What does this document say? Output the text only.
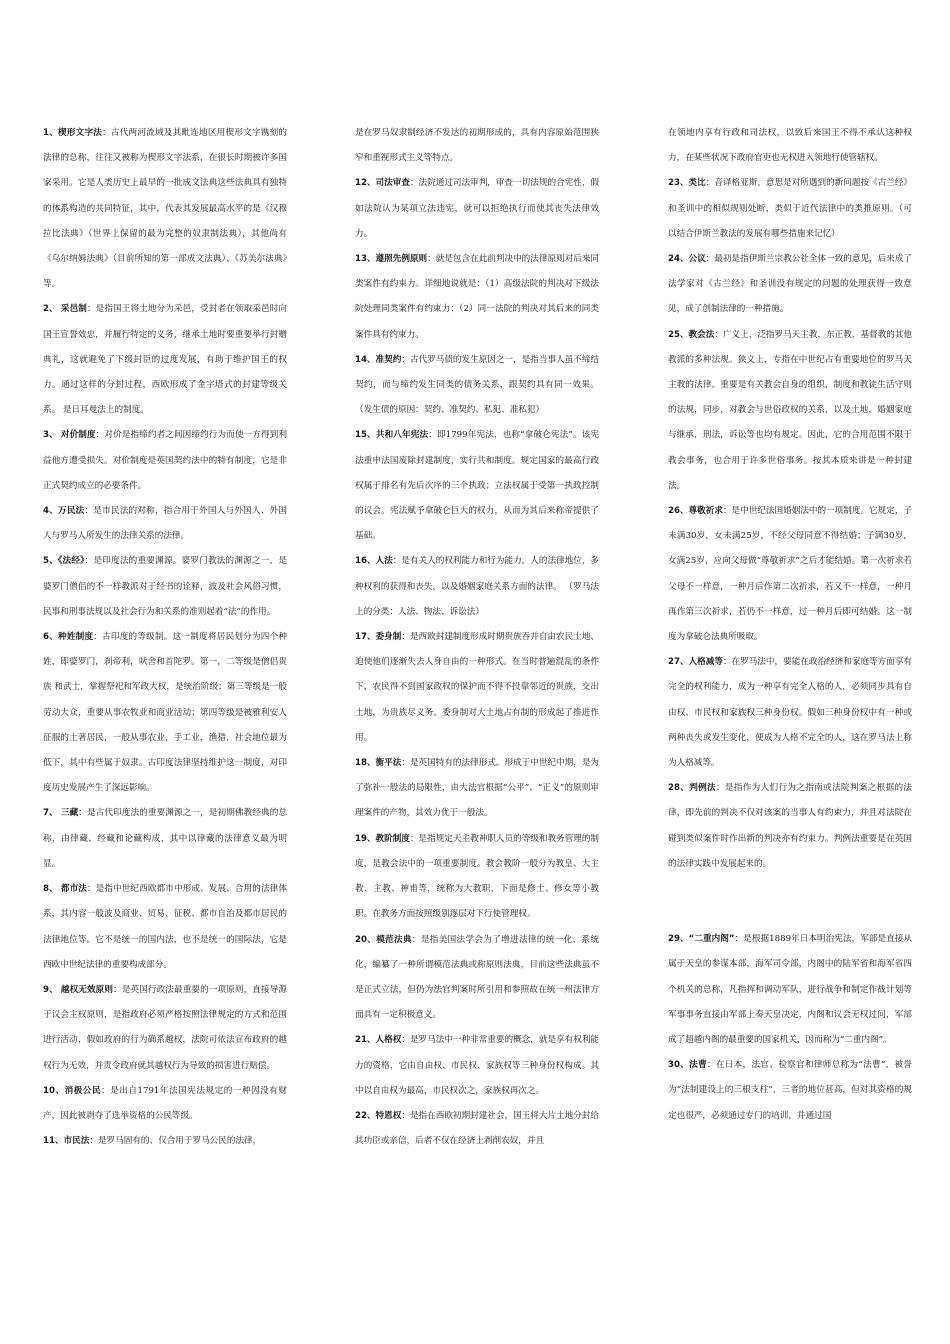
1、楔形文字法：古代两河流域及其毗连地区用楔形文字镌刻的法律的总称，往往又被称为楔形文字法系，在很长时期被许多国家采用。它是人类历史上最早的一批成文法典这些法典具有独特的体系构造的共同特征，其中，代表其发展最高水平的是《汉穆拉比法典》（世界上保留的最为完整的奴隶制法典），其他尚有《乌尔纳姆法典》（目前所知的第一部成文法典）、《苏美尔法典》等。

2、 采邑制：是指国王将土地分为采邑，受封者在领取采邑时向国王宣誓效忠，并履行特定的义务，继承土地时要重要举行封赠典礼，这就避免了下级封臣的过度发展，有助于维护国王的权力。通过这样的分封过程，西欧形成了金字塔式的封建等级关系。 是日耳曼法上的制度。

3、 对价制度：对价是指缔约者之间因缔约行为而使一方得到利益他方遭受损失。对价制度是英国契约法中的特有制度，它是非正式契约成立的必要条件。

4、万民法：是市民法的对称，指合用于外国人与外国人、外国人与罗马人所发生的法律关系的法律。

5、《法经》：是印度法的重要渊源。婆罗门教法的渊源之一，是婆罗门僧侣的不一样教派对于经书的诠释，波及社会风俗习惯，民事和刑事法规以及社会行为和关系的准则起着“法”的作用。

6、种姓制度：古印度的等级制。这一制度将居民划分为四个种姓，即婆罗门，刹帝利，吠舍和首陀罗。第一，二等级是僧侣贵族 和武士，掌握祭祀和军政大权，是统治阶级；第三等级是一般劳动大众，重要从事农牧业和商业活动；第四等级是被雅利安人征服的土著居民，一般从事农业，手工业，渔猎，社会地位最为低下，其中有些属于奴隶。古印度法律坚持维护这一制度，对印度历史发展产生了深远影响。

7、 三藏：是古代印度法的重要渊源之一，是初期佛教经典的总称，由律藏、经藏和论藏构成，其中以律藏的法律意义最为明显。

8、 都市法：是指中世纪西欧都市中形成、发展、合用的法律体系，其内容一般波及商业、贸易、征税、都市自治及都市居民的法律地位等。它不是统一的国内法，也不是统一的国际法，它是西欧中世纪法律的重要构成部分。

9、 越权无效原则：是英国行政法最重要的一项原则，直接导源于议会主权原则，是指政府必须严格按照法律规定的方式和范围进行活动，假如政府的行为确系越权，法院可依法宣布政府的越权行为无效，并责令政府就其越权行为导致的损害进行赔偿。

10、消极公民：是出自1791年法国宪法规定的一种因没有财产，因此被剥夺了选举资格的公民等级。

11、市民法：是罗马固有的、仅合用于罗马公民的法律，

是在罗马奴隶制经济不发达的初期形成的，具有内容原始范围狭窄和重视形式主义等特点。

12、司法审查：法院通过司法审判，审查一切法规的合宪性，假如法院认为某项立法违宪，就可以拒绝执行而使其丧失法律效力。

13、遵照先例原则：就是包含在此前判决中的法律原则对后来同类案件有约束力。详细地说就是：（1）高级法院的判决对下级法院处理同类案件有约束力；（2）同一法院的判决对其后来的同类案件具有约束力。

14、准契约：古代罗马债的发生原因之一，是指当事人虽不缔结契约，而与缔约发生同类的债务关系，跟契约具有同一效果。 （发生债的原因：契约、准契约、私犯、准私犯）

15、共和八年宪法：即1799年宪法，也称“拿破仑宪法”。该宪法重申法国废除封建制度，实行共和制度。规定国家的最高行政权属于排名有先后次序的三个执政；立法权属于受第一执政控制的议会。宪法赋予拿破仑巨大的权力，从而为其后来称帝提供了基础。

16、人法：是有关人的权利能力和行为能力，人的法律地位，多种权利的获得和丧失，以及婚姻家庭关系方面的法律。 （罗马法上的分类：人法、物法、诉讼法）

17、委身制：是西欧封建制度形成时期贵族吞并自由农民土地、迫使他们逐渐失去人身自由的一种形式。在当时普遍混乱的条件下，农民得不到国家政权的保护而不得不投靠邻近的贵族，交出土地，为贵族尽义务。委身制对大土地占有制的形成起了推进作用。

18、衡平法：是英国特有的法律形式。形成于中世纪中期，是为了弥补一般法的局限性，由大法官根据“公平”、“正义”的原则审理案件的产物，其效力优于一般法。

19、教阶制度：是指规定天主教神职人员的等级和教务管理的制度，是教会法中的一项重要制度。教会教阶一般分为教皇、大主教、主教、神甫等，统称为大教职，下面是修士、修女等小教职。在教务方面按照级别逐层对下行使管理权。

20、模范法典：是指美国法学会为了增进法律的统一化、系统化，编纂了一种所谓模范法典或称原则法典，目前这些法典虽不是正式立法，但仍为法官判案时所引用和参照故在统一州法律方面具有一定积极意义。

21、人格权：是罗马法中一种非常重要的概念，就是享有权利能力的资格，它由自由权、市民权、家族权等三种身份权构成。其中以自由权为最高，市民权次之，家族权再次之。

22、特恩权：是指在西欧初期封建社会，国王将大片土地分封给其功臣或亲信，后者不仅在经济上剥削农奴，并且

在领地内享有行政和司法权，以致后来国王不得不承认这种权力，在某些状况下政府官吏也无权进入领地行使管辖权。

23、类比：音译格亚斯，意思是对所遇到的新问题按《古兰经》和圣训中的相似规则处断，类似于近代法律中的类推原则。（可以结合伊斯兰教法的发展有哪些措施来记忆）

24、公议：最初是指伊斯兰宗教公社全体一致的意见，后来成了法学家对《古兰经》和圣训没有规定的问题的处理获得一致意见，成了创制法律的一种措施。

25、教会法：广义上，泛指罗马天主教，东正教，基督教的其他教派的多种法规。狭义上，专指在中世纪占有重要地位的罗马天主教的法律。重要是有关教会自身的组织，制度和教徒生活守则的法规，同步，对教会与世俗政权的关系，以及土地，婚姻家庭与继承，刑法，诉讼等也均有规定。因此，它的合用范围不限于教会事务，也合用于许多世俗事务。按其本质来讲是一种封建法。

26、尊敬祈求：是中世纪法国婚姻法中的一项制度。它规定，子未满30岁，女未满25岁，不经父母同意不得结婚；子满30岁，女满25岁，应向父母做“尊敬祈求”之后才能结婚。第一次祈求若父母不一样意，一种月后作第二次祈求，若又不一样意，一种月再作第三次祈求，若仍不一样意，过一种月后即可结婚。这一制度为拿破仑法典所吸取。

27、人格减等：在罗马法中，要能在政治经济和家庭等方面享有完全的权利能力，成为一种享有完全人格的人，必须同步具有自由权、市民权和家族权三种身份权。假如三种身份权中有一种或两种丧失或发生变化，便成为人格不完全的人，这在罗马法上称为人格减等。

28、判例法：是指作为人们行为之指南或法院判案之根据的法律，即先前的判决不仅对该案的当事人有约束力，并且对法院在碰到类似案件时作出新的判决亦有约束力。判例法重要是在英国的法律实践中发展起来的。

29、“二重内阁”：是根据1889年日本明治宪法，军部是直接从属于天皇的参谋本部，海军司令部，内阁中的陆军省和海军省四个机关的总称，凡指挥和调动军队，进行战争和制定作战计划等军事事务直接由军部上奏天皇决定，内阁和议会无权过问，军部成了超越内阁的最重要的国家机关，因而称为“二重内阁”。

30、法曹：在日本，法官、检察官和律师总称为“法曹”，被誉为“法制建设上的三根支柱”，三者的地位甚高，但对其资格的规定也很严，必须通过专门的培训，并通过国
